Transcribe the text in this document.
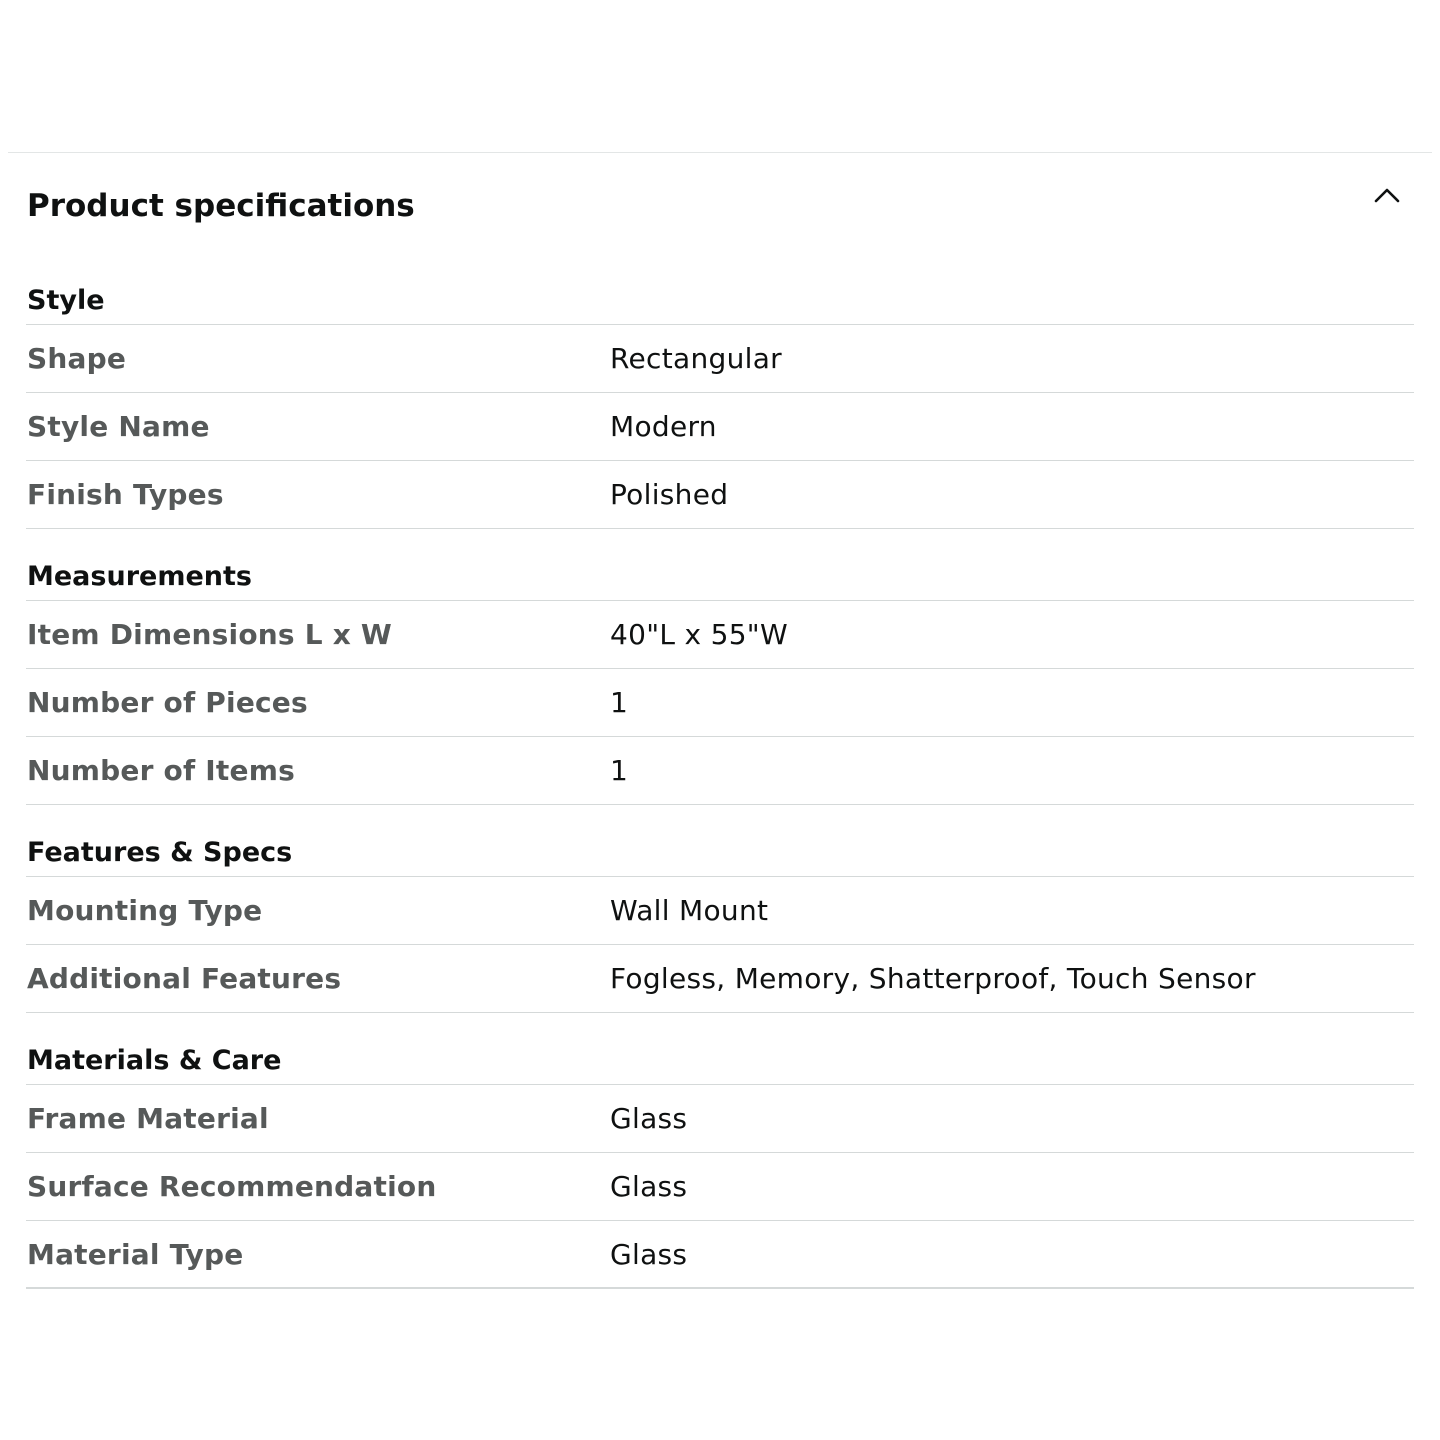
Product specifications
Style
Shape	Rectangular
Style Name	Modern
Finish Types	Polished
Measurements
Item Dimensions L x W	40"L x 55"W
Number of Pieces	1
Number of Items	1
Features & Specs
Mounting Type	Wall Mount
Additional Features	Fogless, Memory, Shatterproof, Touch Sensor
Materials & Care
Frame Material	Glass
Surface Recommendation	Glass
Material Type	Glass
